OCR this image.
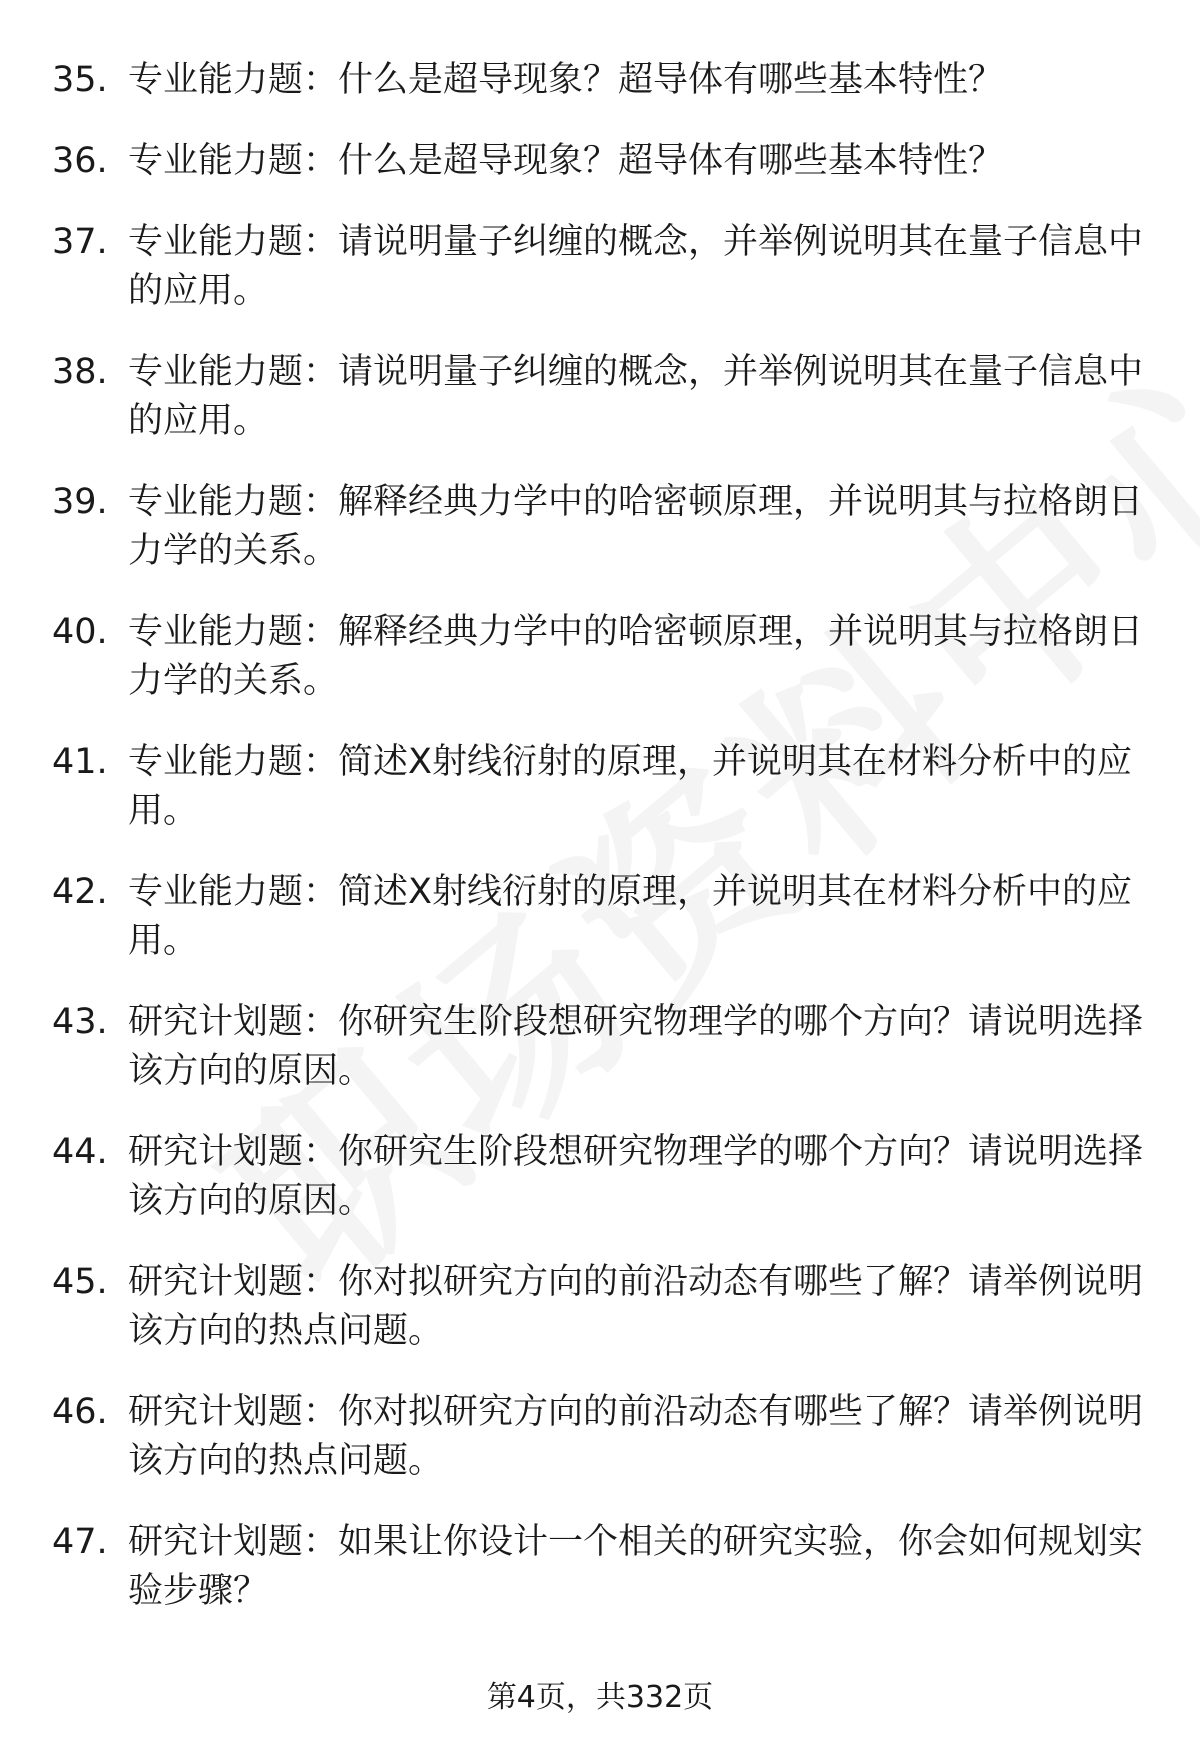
35. 专业能力题：什么是超导现象？超导体有哪些基本特性？
36. 专业能力题：什么是超导现象？超导体有哪些基本特性？
37. 专业能力题：请说明量子纠缠的概念，并举例说明其在量子信息中的应用。
38. 专业能力题：请说明量子纠缠的概念，并举例说明其在量子信息中的应用。
39. 专业能力题：解释经典力学中的哈密顿原理，并说明其与拉格朗日力学的关系。
40. 专业能力题：解释经典力学中的哈密顿原理，并说明其与拉格朗日力学的关系。
41. 专业能力题：简述X射线衍射的原理，并说明其在材料分析中的应用。
42. 专业能力题：简述X射线衍射的原理，并说明其在材料分析中的应用。
43. 研究计划题：你研究生阶段想研究物理学的哪个方向？请说明选择该方向的原因。
44. 研究计划题：你研究生阶段想研究物理学的哪个方向？请说明选择该方向的原因。
45. 研究计划题：你对拟研究方向的前沿动态有哪些了解？请举例说明该方向的热点问题。
46. 研究计划题：你对拟研究方向的前沿动态有哪些了解？请举例说明该方向的热点问题。
47. 研究计划题：如果让你设计一个相关的研究实验，你会如何规划实验步骤？
第4页，共332页
